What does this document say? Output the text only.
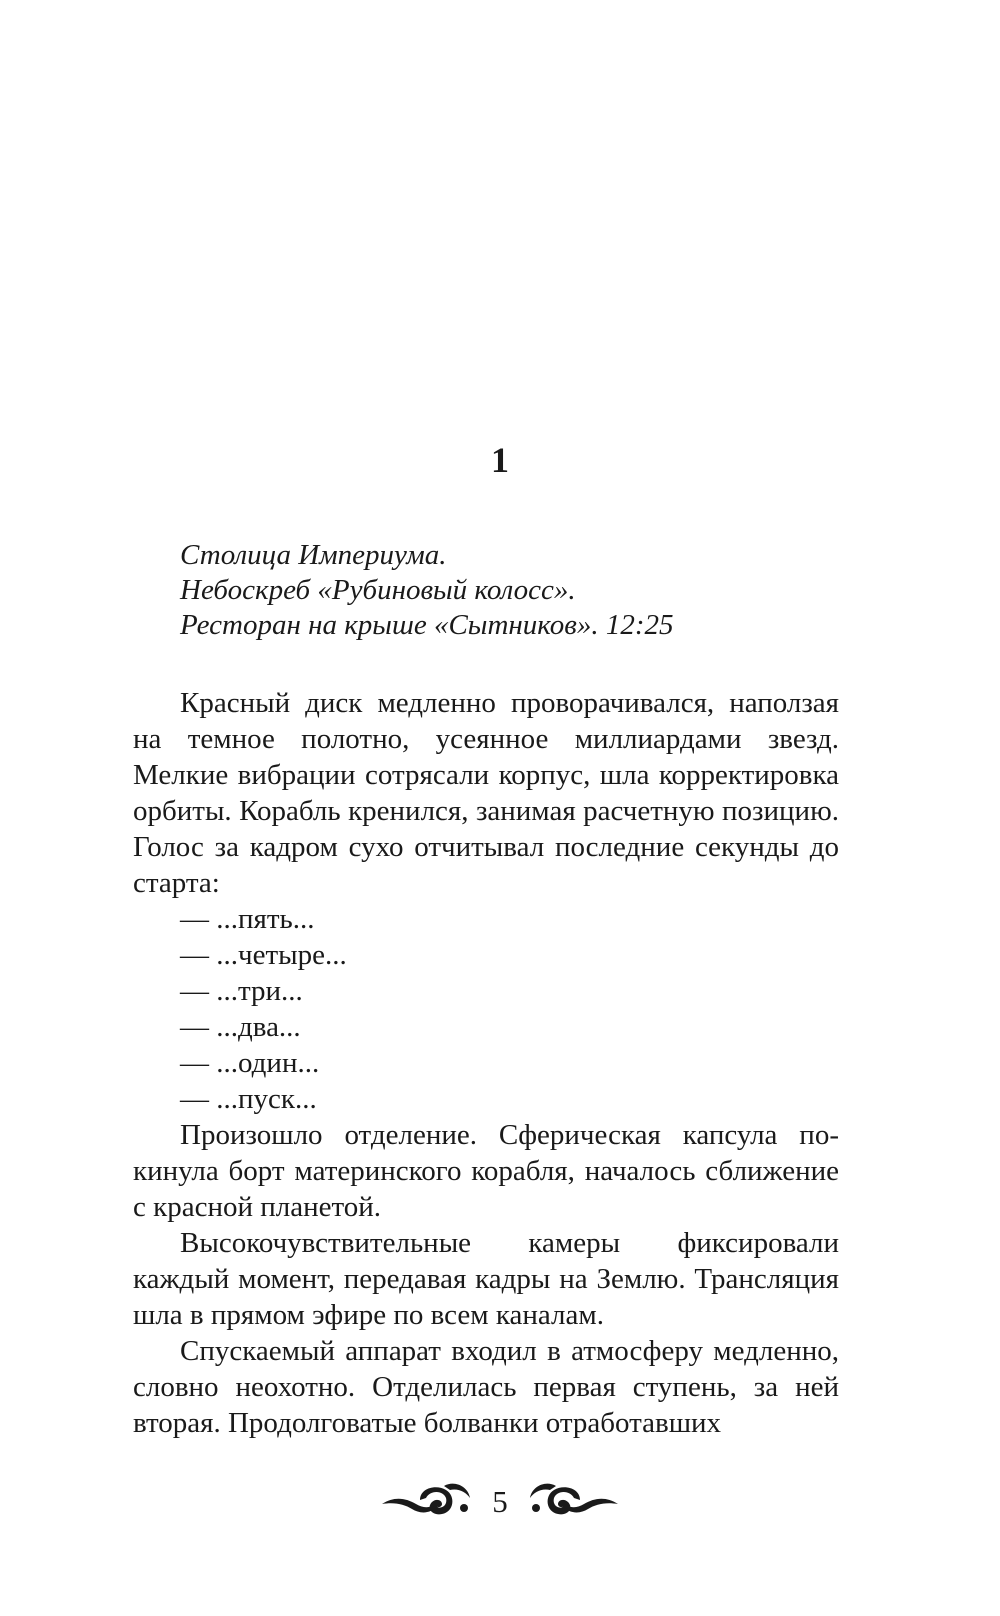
1
Столица Империума.
Небоскреб «Рубиновый колосс».
Ресторан на крыше «Сытников». 12:25

Красный диск медленно проворачивался, наползая на темное полотно, усеянное миллиардами звезд. Мелкие вибрации сотрясали корпус, шла корректировка орбиты. Корабль кренился, занимая расчетную позицию. Голос за кадром сухо отчитывал последние секунды до старта:

— ...пять...

— ...четыре...

— ...три...

— ...два...

— ...один...

— ...пуск...

Произошло отделение. Сферическая капсула покинула борт материнского корабля, началось сближение с красной планетой.

Высокочувствительные камеры фиксировали каждый момент, передавая кадры на Землю. Трансляция шла в прямом эфире по всем каналам.

Спускаемый аппарат входил в атмосферу медленно, словно неохотно. Отделилась первая ступень, за ней вторая. Продолговатые болванки отработавших

5
